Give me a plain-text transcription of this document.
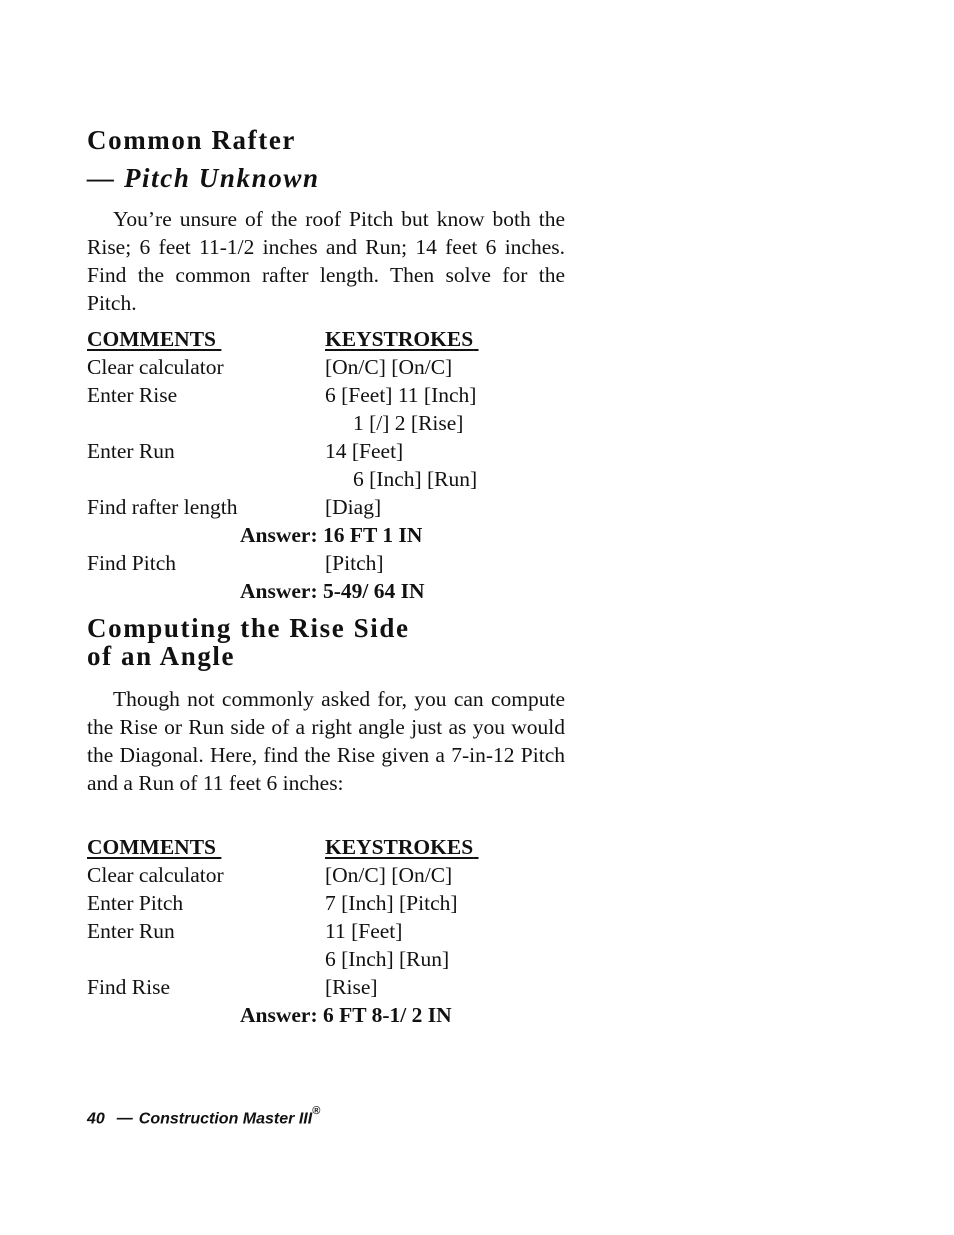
Common Rafter
— Pitch Unknown

You’re unsure of the roof Pitch but know both the Rise; 6 feet 11-1/2 inches and Run; 14 feet 6 inches. Find the common rafter length. Then solve for the Pitch.

COMMENTS	KEYSTROKES
Clear calculator	[On/C] [On/C]
Enter Rise	6 [Feet] 11 [Inch]
1 [/] 2 [Rise]
Enter Run	14 [Feet]
6 [Inch] [Run]
Find rafter length	[Diag]
Answer: 16 FT 1 IN
Find Pitch	[Pitch]
Answer: 5-49/ 64 IN
Computing the Rise Side
of an Angle

Though not commonly asked for, you can compute the Rise or Run side of a right angle just as you would the Diagonal. Here, find the Rise given a 7-in-12 Pitch and a Run of 11 feet 6 inches:

COMMENTS	KEYSTROKES
Clear calculator	[On/C] [On/C]
Enter Pitch	7 [Inch] [Pitch]
Enter Run	11 [Feet]
6 [Inch] [Run]
Find Rise	[Rise]
Answer: 6 FT 8-1/ 2 IN
40 — Construction Master III®
